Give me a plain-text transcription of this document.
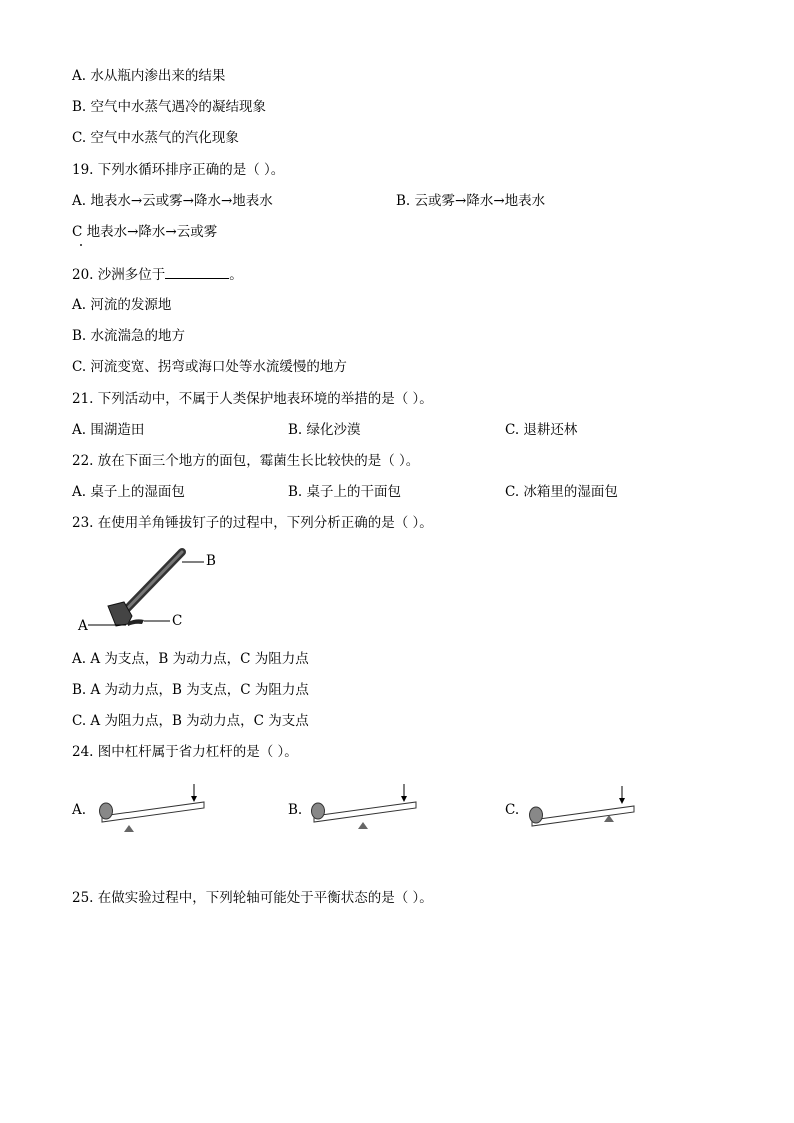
A. 水从瓶内渗出来的结果
B. 空气中水蒸气遇冷的凝结现象
C. 空气中水蒸气的汽化现象
19. 下列水循环排序正确的是（ ）。
A. 地表水→云或雾→降水→地表水	B. 云或雾→降水→地表水
C 地表水→降水→云或雾
20. 沙洲多位于	。
A. 河流的发源地
B. 水流湍急的地方
C. 河流变宽、拐弯或海口处等水流缓慢的地方
21. 下列活动中，不属于人类保护地表环境的举措的是（ ）。
A. 围湖造田	B. 绿化沙漠	C. 退耕还林
22. 放在下面三个地方的面包，霉菌生长比较快的是（ ）。
A. 桌子上的湿面包	B. 桌子上的干面包	C. 冰箱里的湿面包
23. 在使用羊角锤拔钉子的过程中，下列分析正确的是（ ）。
B
A	C
A. A 为支点，B 为动力点，C 为阻力点
B. A 为动力点，B 为支点，C 为阻力点
C. A 为阻力点，B 为动力点，C 为支点
24. 图中杠杆属于省力杠杆的是（ ）。
A.	B.	C.
25. 在做实验过程中，下列轮轴可能处于平衡状态的是（ ）。
